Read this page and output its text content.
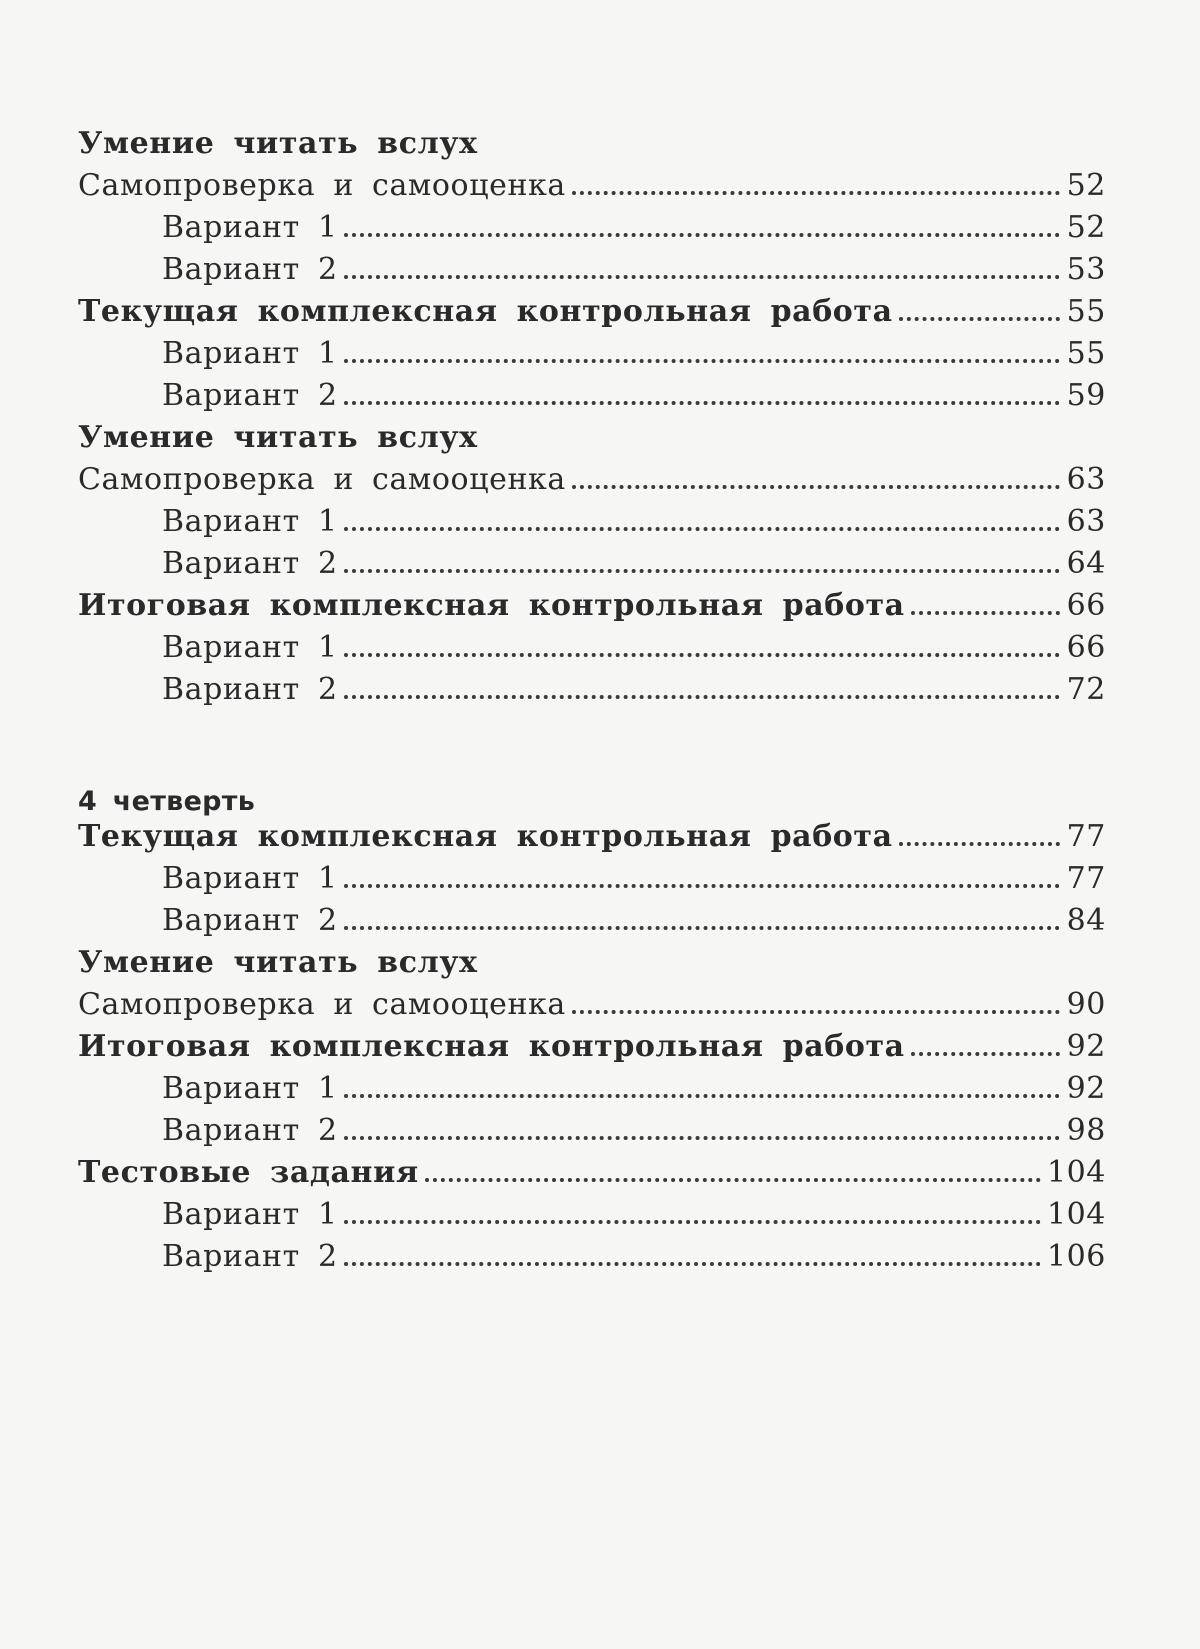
Умение читать вслух
Самопроверка и самооценка	52
Вариант 1	52
Вариант 2	53
Текущая комплексная контрольная работа	55
Вариант 1	55
Вариант 2	59
Умение читать вслух
Самопроверка и самооценка	63
Вариант 1	63
Вариант 2	64
Итоговая комплексная контрольная работа	66
Вариант 1	66
Вариант 2	72
4 четверть
Текущая комплексная контрольная работа	77
Вариант 1	77
Вариант 2	84
Умение читать вслух
Самопроверка и самооценка	90
Итоговая комплексная контрольная работа	92
Вариант 1	92
Вариант 2	98
Тестовые задания	104
Вариант 1	104
Вариант 2	106
